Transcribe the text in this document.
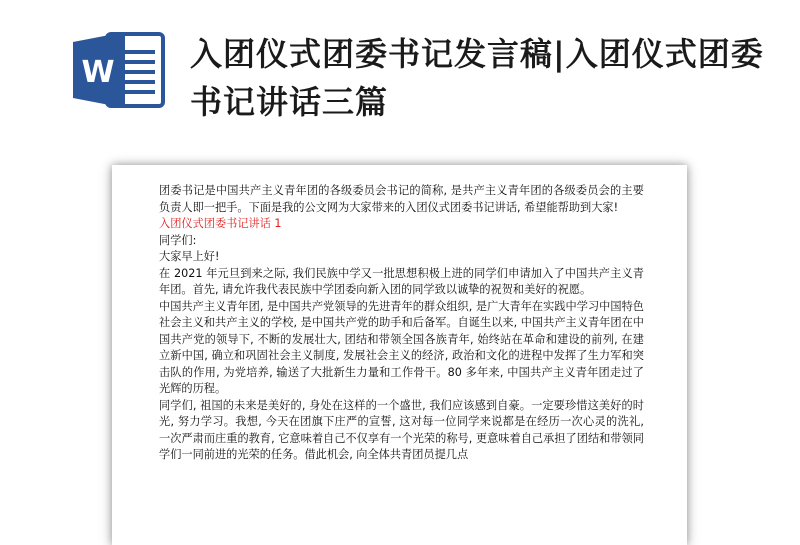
W 入团仪式团委书记发言稿|入团仪式团委书记讲话三篇

团委书记是中国共产主义青年团的各级委员会书记的简称, 是共产主义青年团的各级委员会的主要负责人即一把手。下面是我的公文网为大家带来的入团仪式团委书记讲话, 希望能帮助到大家!

入团仪式团委书记讲话 1

同学们:

大家早上好!

在 2021 年元旦到来之际, 我们民族中学又一批思想积极上进的同学们申请加入了中国共产主义青年团。首先, 请允许我代表民族中学团委向新入团的同学致以诚挚的祝贺和美好的祝愿。

中国共产主义青年团, 是中国共产党领导的先进青年的群众组织, 是广大青年在实践中学习中国特色社会主义和共产主义的学校, 是中国共产党的助手和后备军。自诞生以来, 中国共产主义青年团在中国共产党的领导下, 不断的发展壮大, 团结和带领全国各族青年, 始终站在革命和建设的前列, 在建立新中国, 确立和巩固社会主义制度, 发展社会主义的经济, 政治和文化的进程中发挥了生力军和突击队的作用, 为党培养, 输送了大批新生力量和工作骨干。80 多年来, 中国共产主义青年团走过了光辉的历程。

同学们, 祖国的未来是美好的, 身处在这样的一个盛世, 我们应该感到自豪。一定要珍惜这美好的时光, 努力学习。我想, 今天在团旗下庄严的宣誓, 这对每一位同学来说都是在经历一次心灵的洗礼, 一次严肃而庄重的教育, 它意味着自己不仅享有一个光荣的称号, 更意味着自己承担了团结和带领同学们一同前进的光荣的任务。借此机会, 向全体共青团员提几点
